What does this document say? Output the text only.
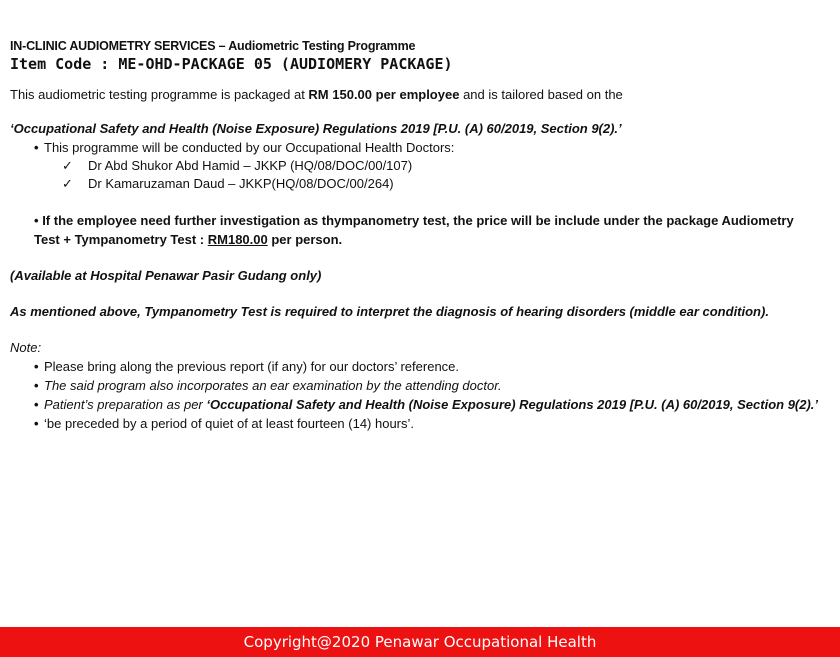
IN-CLINIC AUDIOMETRY SERVICES – Audiometric Testing Programme
Item Code : ME-OHD-PACKAGE 05 (AUDIOMERY PACKAGE)
This audiometric testing programme is packaged at RM 150.00 per employee and is tailored based on the
‘Occupational Safety and Health (Noise Exposure) Regulations 2019 [P.U. (A) 60/2019, Section 9(2).’
• This programme will be conducted by our Occupational Health Doctors:
✓ Dr Abd Shukor Abd Hamid – JKKP (HQ/08/DOC/00/107)
✓ Dr Kamaruzaman Daud – JKKP(HQ/08/DOC/00/264)
• If the employee need further investigation as thympanometry test, the price will be include under the package Audiometry
Test + Tympanometry Test : RM180.00 per person.
(Available at Hospital Penawar Pasir Gudang only)
As mentioned above, Tympanometry Test is required to interpret the diagnosis of hearing disorders (middle ear condition).
Note:
• Please bring along the previous report (if any) for our doctors’ reference.
• The said program also incorporates an ear examination by the attending doctor.
• Patient’s preparation as per ‘Occupational Safety and Health (Noise Exposure) Regulations 2019 [P.U. (A) 60/2019, Section 9(2).’
• ‘be preceded by a period of quiet of at least fourteen (14) hours’.
Copyright@2020 Penawar Occupational Health
